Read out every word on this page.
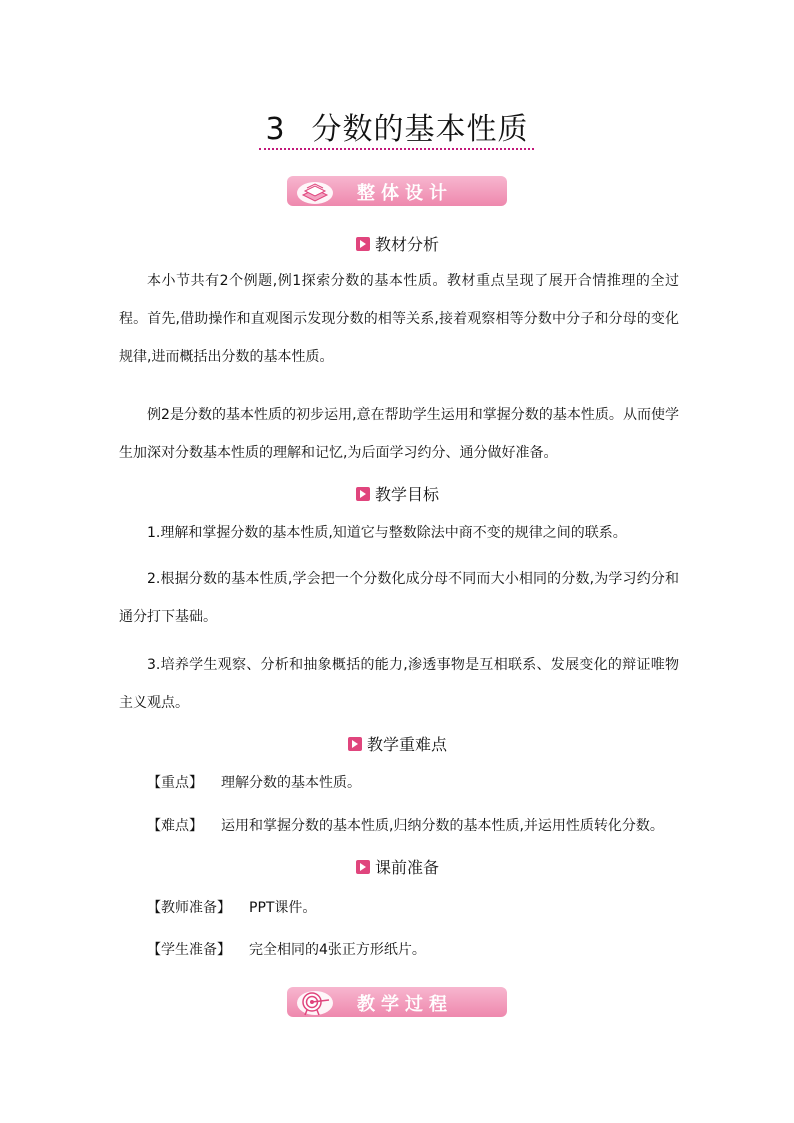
3 分数的基本性质
整体设计
教材分析
本小节共有2个例题,例1探索分数的基本性质。教材重点呈现了展开合情推理的全过程。首先,借助操作和直观图示发现分数的相等关系,接着观察相等分数中分子和分母的变化规律,进而概括出分数的基本性质。
例2是分数的基本性质的初步运用,意在帮助学生运用和掌握分数的基本性质。从而使学生加深对分数基本性质的理解和记忆,为后面学习约分、通分做好准备。
教学目标
1.理解和掌握分数的基本性质,知道它与整数除法中商不变的规律之间的联系。
2.根据分数的基本性质,学会把一个分数化成分母不同而大小相同的分数,为学习约分和通分打下基础。
3.培养学生观察、分析和抽象概括的能力,渗透事物是互相联系、发展变化的辩证唯物主义观点。
教学重难点
【重点】 理解分数的基本性质。
【难点】 运用和掌握分数的基本性质,归纳分数的基本性质,并运用性质转化分数。
课前准备
【教师准备】 PPT课件。
【学生准备】 完全相同的4张正方形纸片。
教学过程
